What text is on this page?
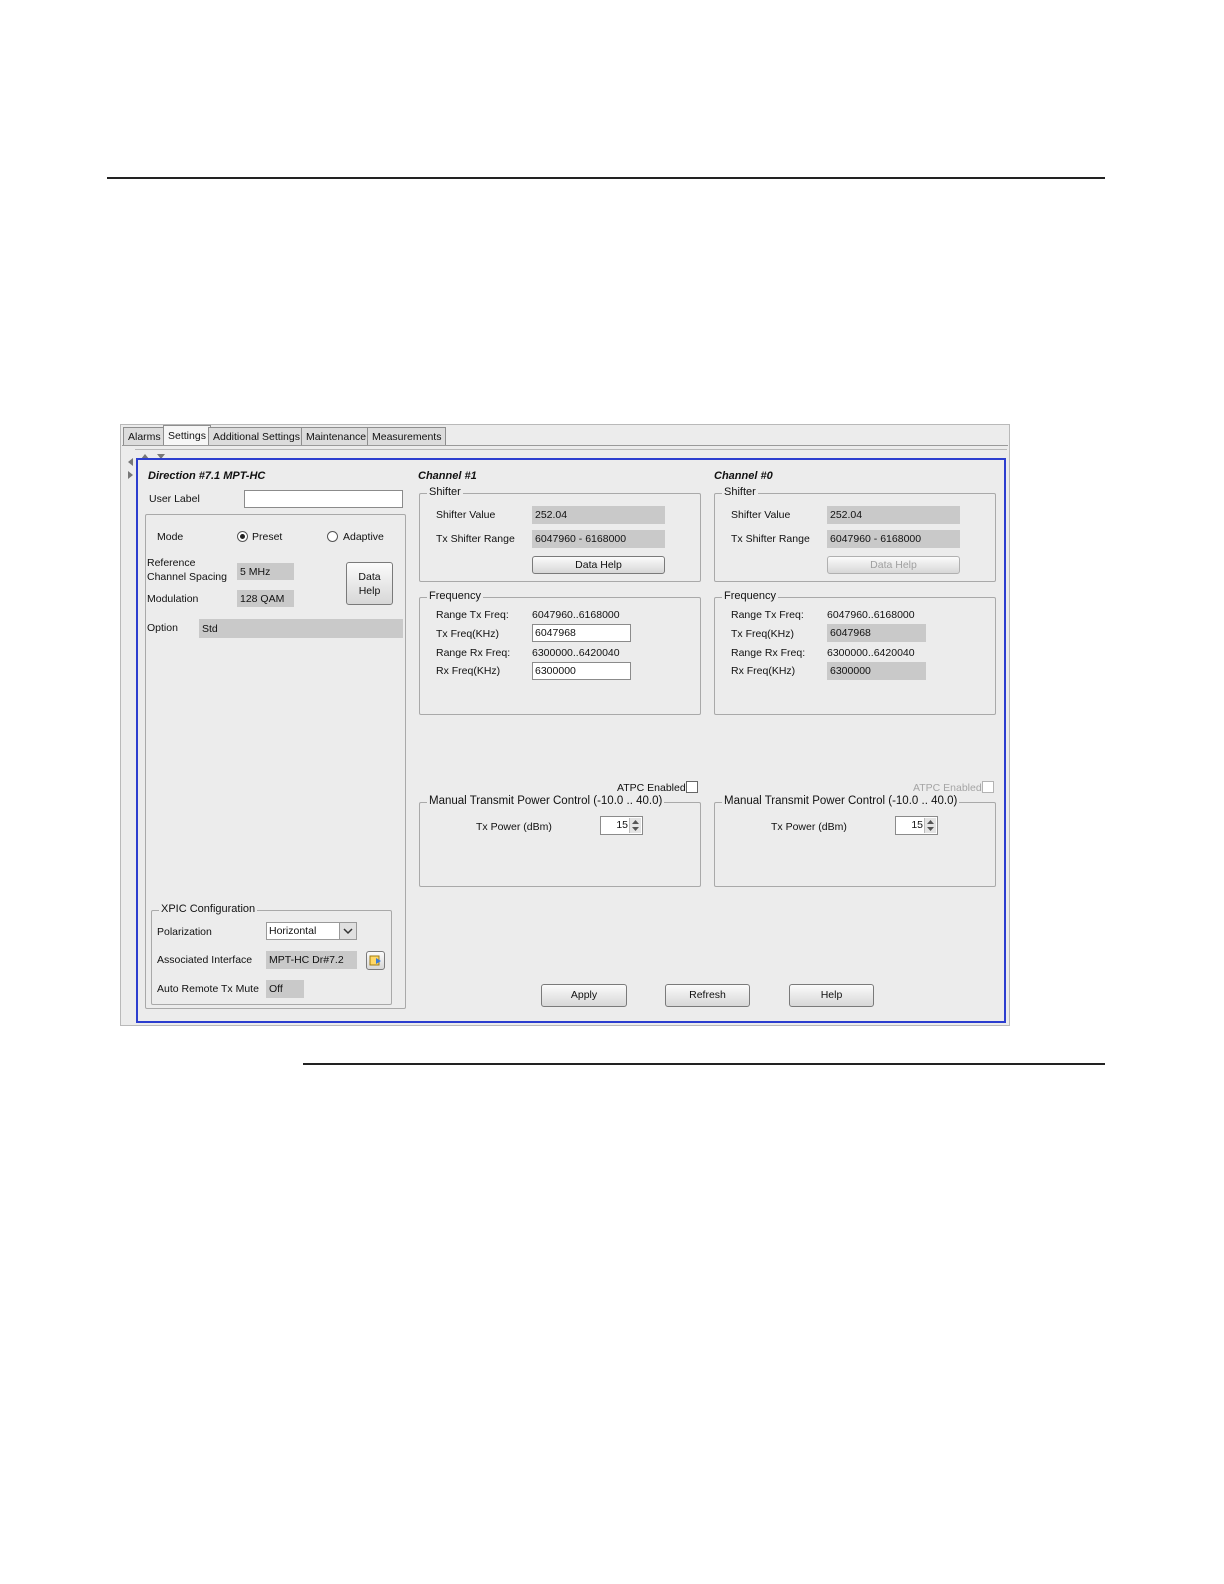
Alarms Settings Additional Settings Maintenance Measurements
Direction #7.1 MPT-HC
User Label
Mode	Preset	Adaptive
Reference
Channel Spacing 5 MHz
Modulation	128 QAM
Data
Help
Option Std
XPIC Configuration
Polarization	Horizontal
Associated Interface MPT-HC Dr#7.2
Auto Remote Tx Mute Off
Channel #1
Shifter
Shifter Value	252.04
Tx Shifter Range 6047960 - 6168000
Data Help
Frequency
Range Tx Freq: 6047960..6168000
Tx Freq(KHz)	6047968
Range Rx Freq: 6300000..6420040
Rx Freq(KHz)	6300000
ATPC Enabled
Manual Transmit Power Control (-10.0 .. 40.0)
Tx Power (dBm)	15
Channel #0
Shifter
Shifter Value	252.04
Tx Shifter Range 6047960 - 6168000
Data Help
Frequency
Range Tx Freq: 6047960..6168000
Tx Freq(KHz)	6047968
Range Rx Freq: 6300000..6420040
Rx Freq(KHz)	6300000
ATPC Enabled
Manual Transmit Power Control (-10.0 .. 40.0)
Tx Power (dBm)	15
Apply	Refresh	Help
